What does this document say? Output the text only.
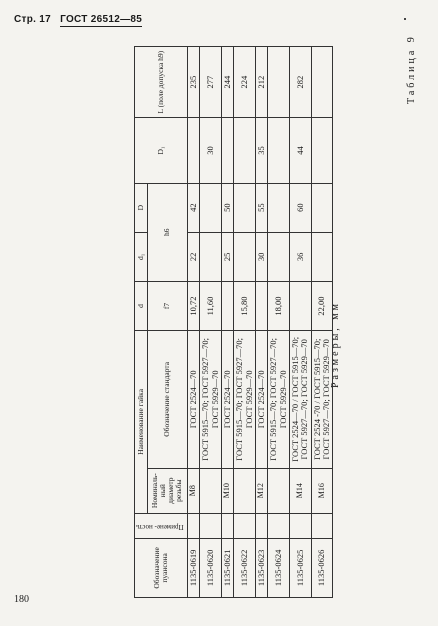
Стр. 17 ГОСТ 26512—85
Таблица 9
Размеры, мм
Обозначение пуансона	Примене- ность	Наименование гайка		d	d₁	D	D₁	L (поле допуска h9)
		Номиналь- ный диаметр резьбы	Обозначение стандарта	f7	h6			
1135-0619		M8	ГОСТ 2524—70	10,72	22	42		235
1135-0620			ГОСТ 5915—70; ГОСТ 5927—70; ГОСТ 5929—70	11,60			30	277
1135-0621		M10	ГОСТ 2524—70		25	50		244
1135-0622			ГОСТ 5915—70; ГОСТ 5927—70; ГОСТ 5929—70	15,80				224
1135-0623		M12	ГОСТ 2524—70		30	55	35	212
1135-0624			ГОСТ 5915—70; ГОСТ 5927—70; ГОСТ 5929—70	18,00				
1135-0625		M14	ГОСТ 2524—70 / ГОСТ 5915—70; ГОСТ 5927—70; ГОСТ 5929—70		36	60	44	282
1135-0626		M16	ГОСТ 2524 -70 / ГОСТ 5915—70; ГОСТ 5927—70; ГОСТ 5929—70	22,00				
180
